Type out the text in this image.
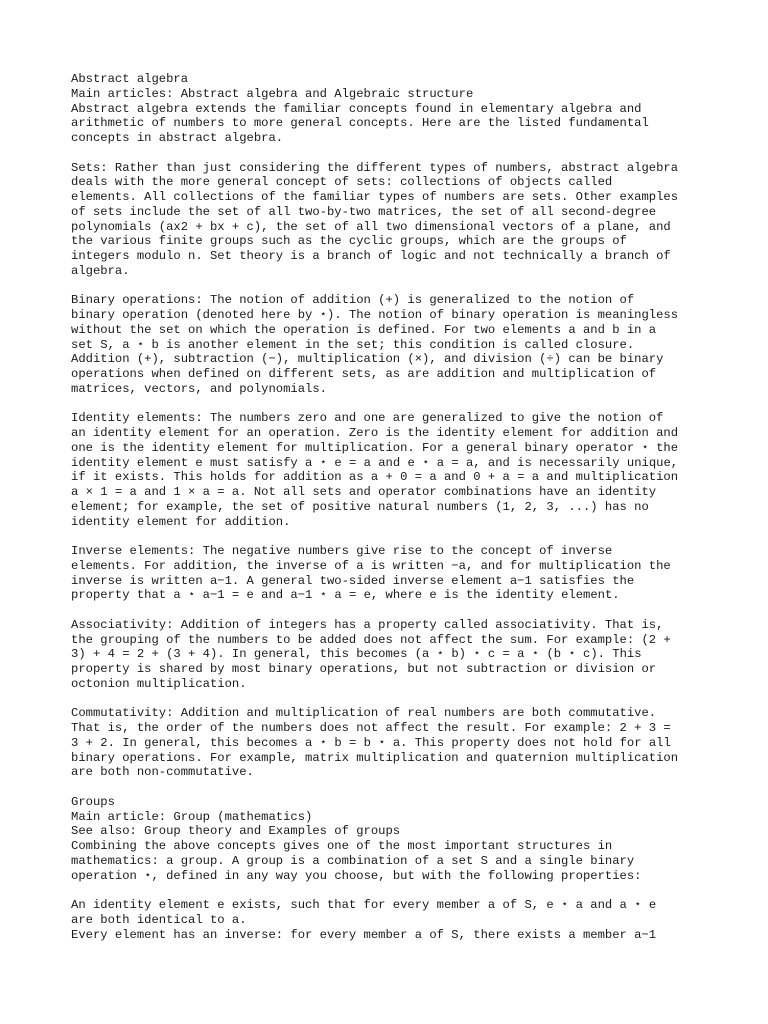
Abstract algebra
Main articles: Abstract algebra and Algebraic structure
Abstract algebra extends the familiar concepts found in elementary algebra and
arithmetic of numbers to more general concepts. Here are the listed fundamental
concepts in abstract algebra.
Sets: Rather than just considering the different types of numbers, abstract algebra
deals with the more general concept of sets: collections of objects called
elements. All collections of the familiar types of numbers are sets. Other examples
of sets include the set of all two-by-two matrices, the set of all second-degree
polynomials (ax2 + bx + c), the set of all two dimensional vectors of a plane, and
the various finite groups such as the cyclic groups, which are the groups of
integers modulo n. Set theory is a branch of logic and not technically a branch of
algebra.
Binary operations: The notion of addition (+) is generalized to the notion of
binary operation (denoted here by ⋆). The notion of binary operation is meaningless
without the set on which the operation is defined. For two elements a and b in a
set S, a ⋆ b is another element in the set; this condition is called closure.
Addition (+), subtraction (−), multiplication (×), and division (÷) can be binary
operations when defined on different sets, as are addition and multiplication of
matrices, vectors, and polynomials.
Identity elements: The numbers zero and one are generalized to give the notion of
an identity element for an operation. Zero is the identity element for addition and
one is the identity element for multiplication. For a general binary operator ⋆ the
identity element e must satisfy a ⋆ e = a and e ⋆ a = a, and is necessarily unique,
if it exists. This holds for addition as a + 0 = a and 0 + a = a and multiplication
a × 1 = a and 1 × a = a. Not all sets and operator combinations have an identity
element; for example, the set of positive natural numbers (1, 2, 3, ...) has no
identity element for addition.
Inverse elements: The negative numbers give rise to the concept of inverse
elements. For addition, the inverse of a is written −a, and for multiplication the
inverse is written a−1. A general two-sided inverse element a−1 satisfies the
property that a ⋆ a−1 = e and a−1 ⋆ a = e, where e is the identity element.
Associativity: Addition of integers has a property called associativity. That is,
the grouping of the numbers to be added does not affect the sum. For example: (2 +
3) + 4 = 2 + (3 + 4). In general, this becomes (a ⋆ b) ⋆ c = a ⋆ (b ⋆ c). This
property is shared by most binary operations, but not subtraction or division or
octonion multiplication.
Commutativity: Addition and multiplication of real numbers are both commutative.
That is, the order of the numbers does not affect the result. For example: 2 + 3 =
3 + 2. In general, this becomes a ⋆ b = b ⋆ a. This property does not hold for all
binary operations. For example, matrix multiplication and quaternion multiplication
are both non-commutative.
Groups
Main article: Group (mathematics)
See also: Group theory and Examples of groups
Combining the above concepts gives one of the most important structures in
mathematics: a group. A group is a combination of a set S and a single binary
operation ⋆, defined in any way you choose, but with the following properties:
An identity element e exists, such that for every member a of S, e ⋆ a and a ⋆ e
are both identical to a.
Every element has an inverse: for every member a of S, there exists a member a−1
